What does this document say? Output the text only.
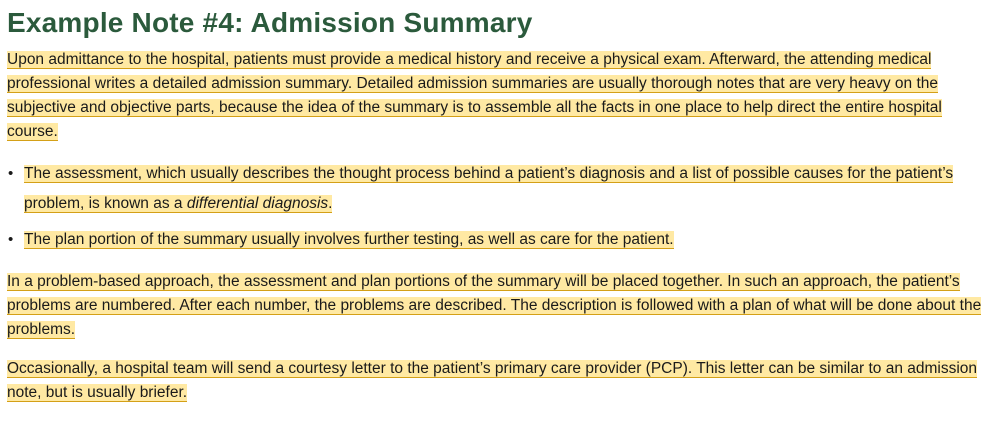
Example Note #4: Admission Summary

Upon admittance to the hospital, patients must provide a medical history and receive a physical exam. Afterward, the attending medical professional writes a detailed admission summary. Detailed admission summaries are usually thorough notes that are very heavy on the subjective and objective parts, because the idea of the summary is to assemble all the facts in one place to help direct the entire hospital course.

• The assessment, which usually describes the thought process behind a patient’s diagnosis and a list of possible causes for the patient’s problem, is known as a differential diagnosis.
• The plan portion of the summary usually involves further testing, as well as care for the patient.

In a problem-based approach, the assessment and plan portions of the summary will be placed together. In such an approach, the patient’s problems are numbered. After each number, the problems are described. The description is followed with a plan of what will be done about the problems.

Occasionally, a hospital team will send a courtesy letter to the patient’s primary care provider (PCP). This letter can be similar to an admission note, but is usually briefer.
